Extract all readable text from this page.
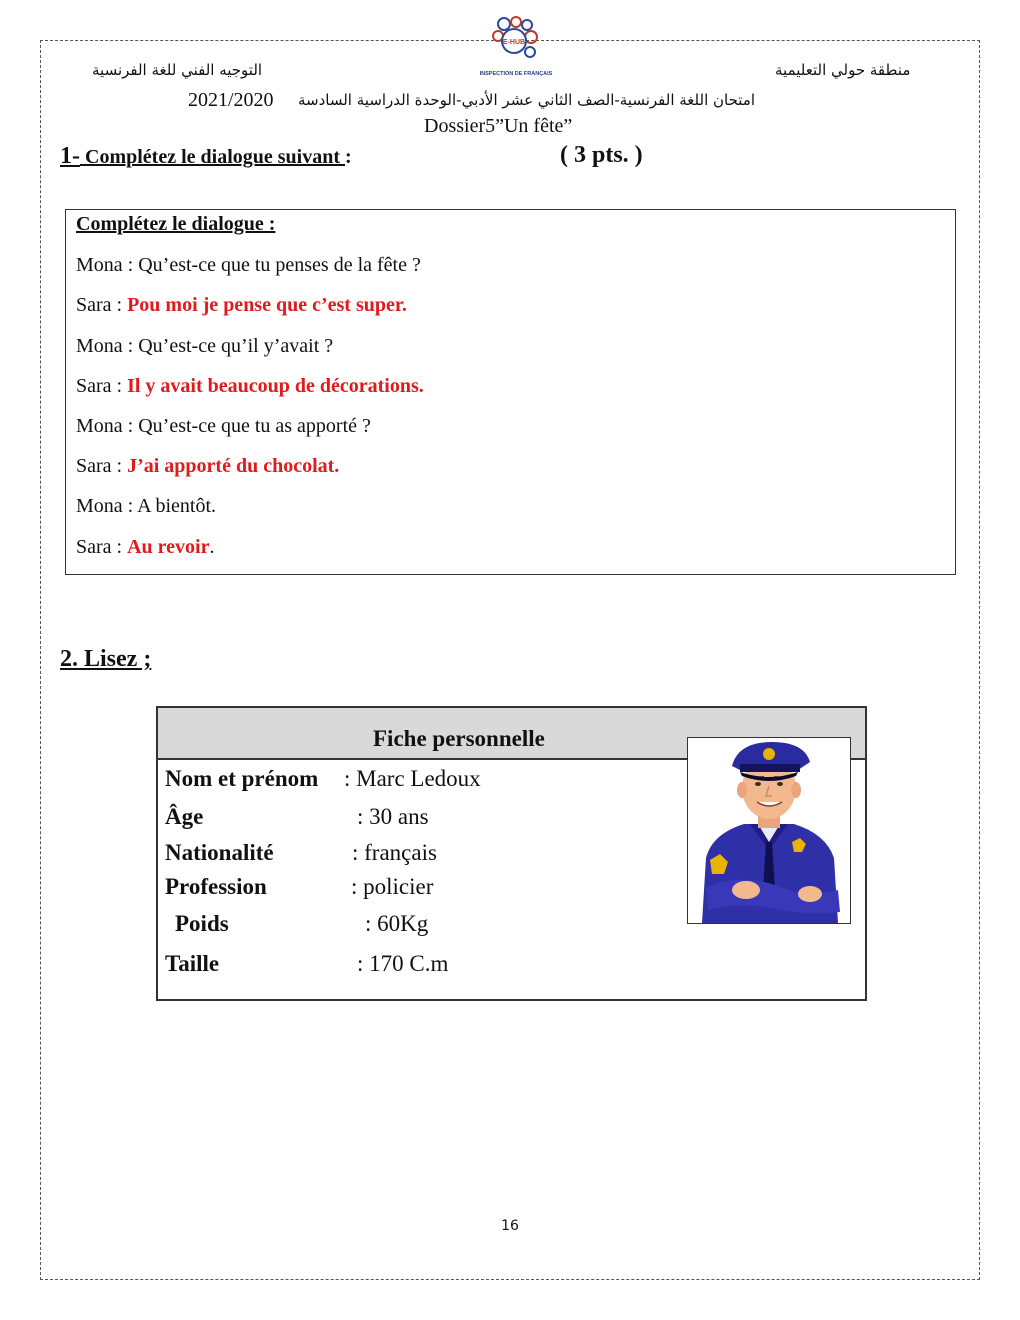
منطقة حولي التعليمية
التوجيه الفني للغة الفرنسية
E-HUB
INSPECTION DE FRANÇAIS
امتحان اللغة الفرنسية-الصف الثاني عشر الأدبي-الوحدة الدراسية السادسة
2021/2020
Dossier5”Un fête”
1- Complétez le dialogue suivant :	( 3 pts. )
Complétez le dialogue :
Mona : Qu’est-ce que tu penses de la fête ?
Sara : Pou moi je pense que c’est super.
Mona : Qu’est-ce qu’il y’avait ?
Sara : Il y avait beaucoup de décorations.
Mona : Qu’est-ce que tu as apporté ?
Sara : J’ai apporté du chocolat.
Mona : A bientôt.
Sara : Au revoir.
2. Lisez ;
Fiche personnelle
Nom et prénom : Marc Ledoux
Âge	: 30 ans
Nationalité	: français
Profession	: policier
Poids	: 60Kg
Taille	: 170 C.m
16
